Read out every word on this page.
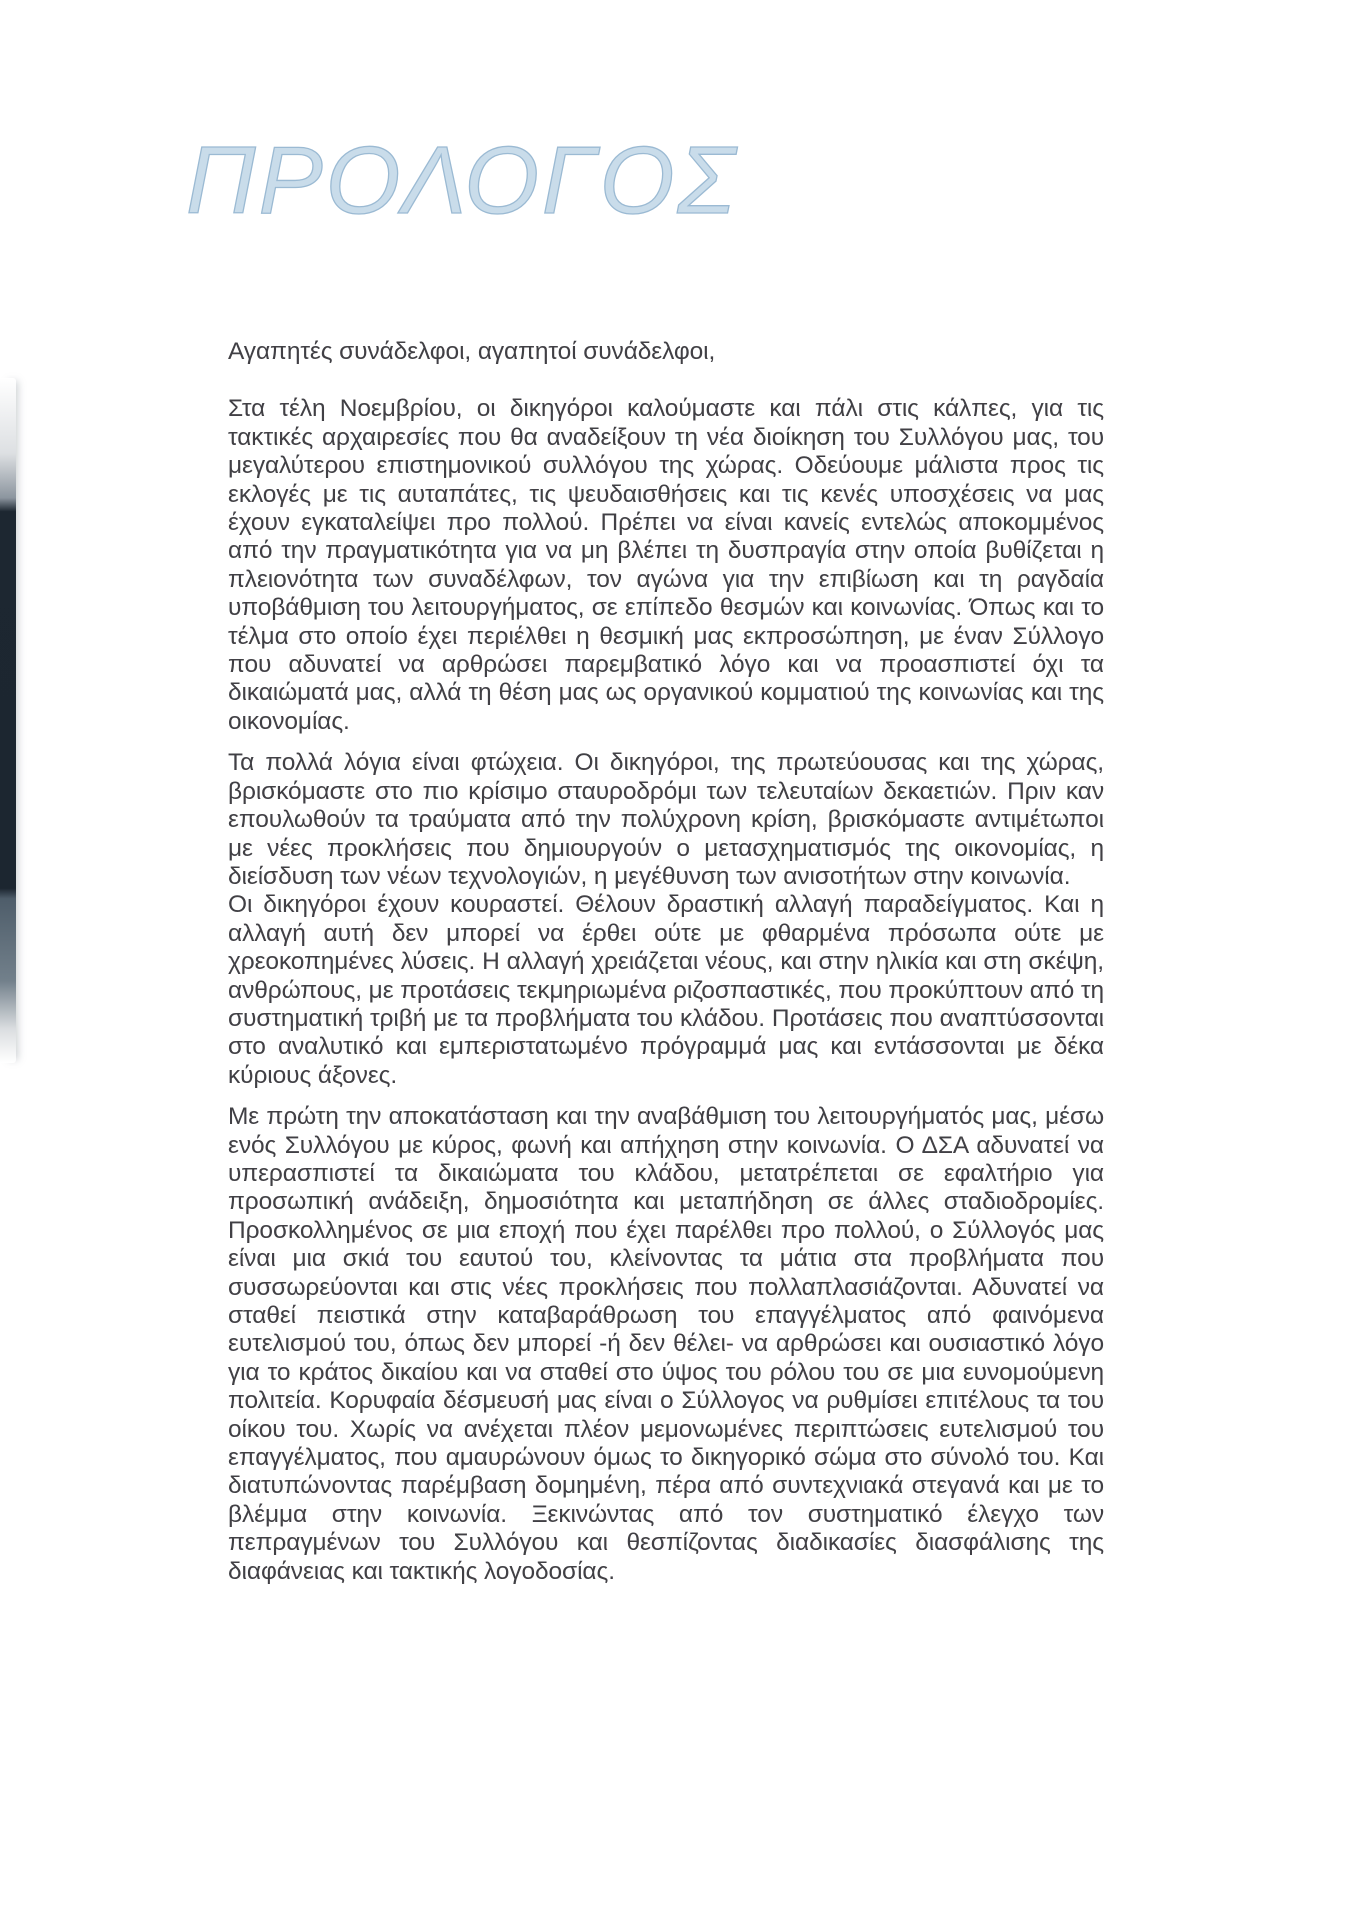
ΠΡΟΛΟΓΟΣ

Αγαπητές συνάδελφοι, αγαπητοί συνάδελφοι,

Στα τέλη Νοεμβρίου, οι δικηγόροι καλούμαστε και πάλι στις κάλπες, για τις τακτικές αρχαιρεσίες που θα αναδείξουν τη νέα διοίκηση του Συλλόγου μας, του μεγαλύτερου επιστημονικού συλλόγου της χώρας. Οδεύουμε μάλιστα προς τις εκλογές με τις αυταπάτες, τις ψευδαισθήσεις και τις κενές υποσχέσεις να μας έχουν εγκαταλείψει προ πολλού. Πρέπει να είναι κανείς εντελώς αποκομμένος από την πραγματικότητα για να μη βλέπει τη δυσπραγία στην οποία βυθίζεται η πλειονότητα των συναδέλφων, τον αγώνα για την επιβίωση και τη ραγδαία υποβάθμιση του λειτουργήματος, σε επίπεδο θεσμών και κοινωνίας. Όπως και το τέλμα στο οποίο έχει περιέλθει η θεσμική μας εκπροσώπηση, με έναν Σύλλογο που αδυνατεί να αρθρώσει παρεμβατικό λόγο και να προασπιστεί όχι τα δικαιώματά μας, αλλά τη θέση μας ως οργανικού κομματιού της κοινωνίας και της οικονομίας.

Τα πολλά λόγια είναι φτώχεια. Οι δικηγόροι, της πρωτεύουσας και της χώρας, βρισκόμαστε στο πιο κρίσιμο σταυροδρόμι των τελευταίων δεκαετιών. Πριν καν επουλωθούν τα τραύματα από την πολύχρονη κρίση, βρισκόμαστε αντιμέτωποι με νέες προκλήσεις που δημιουργούν ο μετασχηματισμός της οικονομίας, η διείσδυση των νέων τεχνολογιών, η μεγέθυνση των ανισοτήτων στην κοινωνία.
Οι δικηγόροι έχουν κουραστεί. Θέλουν δραστική αλλαγή παραδείγματος. Και η αλλαγή αυτή δεν μπορεί να έρθει ούτε με φθαρμένα πρόσωπα ούτε με χρεοκοπημένες λύσεις. Η αλλαγή χρειάζεται νέους, και στην ηλικία και στη σκέψη, ανθρώπους, με προτάσεις τεκμηριωμένα ριζοσπαστικές, που προκύπτουν από τη συστηματική τριβή με τα προβλήματα του κλάδου. Προτάσεις που αναπτύσσονται στο αναλυτικό και εμπεριστατωμένο πρόγραμμά μας και εντάσσονται με δέκα κύριους άξονες.

Με πρώτη την αποκατάσταση και την αναβάθμιση του λειτουργήματός μας, μέσω ενός Συλλόγου με κύρος, φωνή και απήχηση στην κοινωνία. Ο ΔΣΑ αδυνατεί να υπερασπιστεί τα δικαιώματα του κλάδου, μετατρέπεται σε εφαλτήριο για προσωπική ανάδειξη, δημοσιότητα και μεταπήδηση σε άλλες σταδιοδρομίες. Προσκολλημένος σε μια εποχή που έχει παρέλθει προ πολλού, ο Σύλλογός μας είναι μια σκιά του εαυτού του, κλείνοντας τα μάτια στα προβλήματα που συσσωρεύονται και στις νέες προκλήσεις που πολλαπλασιάζονται. Αδυνατεί να σταθεί πειστικά στην καταβαράθρωση του επαγγέλματος από φαινόμενα ευτελισμού του, όπως δεν μπορεί -ή δεν θέλει- να αρθρώσει και ουσιαστικό λόγο για το κράτος δικαίου και να σταθεί στο ύψος του ρόλου του σε μια ευνομούμενη πολιτεία. Κορυφαία δέσμευσή μας είναι ο Σύλλογος να ρυθμίσει επιτέλους τα του οίκου του. Χωρίς να ανέχεται πλέον μεμονωμένες περιπτώσεις ευτελισμού του επαγγέλματος, που αμαυρώνουν όμως το δικηγορικό σώμα στο σύνολό του. Και διατυπώνοντας παρέμβαση δομημένη, πέρα από συντεχνιακά στεγανά και με το βλέμμα στην κοινωνία. Ξεκινώντας από τον συστηματικό έλεγχο των πεπραγμένων του Συλλόγου και θεσπίζοντας διαδικασίες διασφάλισης της διαφάνειας και τακτικής λογοδοσίας.
